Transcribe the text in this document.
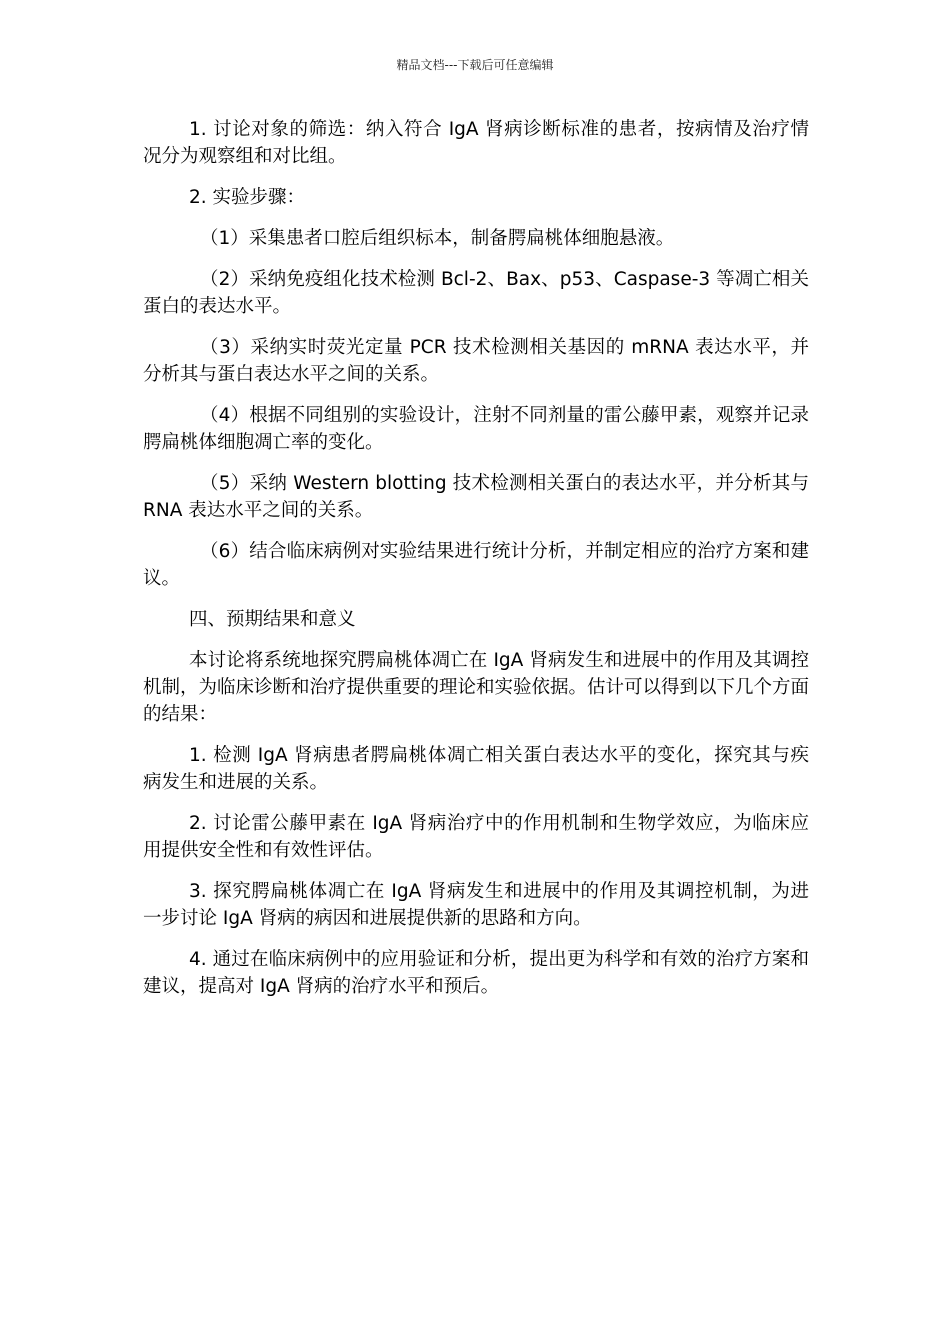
精品文档---下载后可任意编辑

1. 讨论对象的筛选：纳入符合 IgA 肾病诊断标准的患者，按病情及治疗情况分为观察组和对比组。

2. 实验步骤：

（1）采集患者口腔后组织标本，制备腭扁桃体细胞悬液。

（2）采纳免疫组化技术检测 Bcl-2、Bax、p53、Caspase-3 等凋亡相关蛋白的表达水平。

（3）采纳实时荧光定量 PCR 技术检测相关基因的 mRNA 表达水平，并分析其与蛋白表达水平之间的关系。

（4）根据不同组别的实验设计，注射不同剂量的雷公藤甲素，观察并记录腭扁桃体细胞凋亡率的变化。

（5）采纳 Western blotting 技术检测相关蛋白的表达水平，并分析其与 RNA 表达水平之间的关系。

（6）结合临床病例对实验结果进行统计分析，并制定相应的治疗方案和建议。

四、预期结果和意义

本讨论将系统地探究腭扁桃体凋亡在 IgA 肾病发生和进展中的作用及其调控机制，为临床诊断和治疗提供重要的理论和实验依据。估计可以得到以下几个方面的结果：

1. 检测 IgA 肾病患者腭扁桃体凋亡相关蛋白表达水平的变化，探究其与疾病发生和进展的关系。

2. 讨论雷公藤甲素在 IgA 肾病治疗中的作用机制和生物学效应，为临床应用提供安全性和有效性评估。

3. 探究腭扁桃体凋亡在 IgA 肾病发生和进展中的作用及其调控机制，为进一步讨论 IgA 肾病的病因和进展提供新的思路和方向。

4. 通过在临床病例中的应用验证和分析，提出更为科学和有效的治疗方案和建议，提高对 IgA 肾病的治疗水平和预后。
